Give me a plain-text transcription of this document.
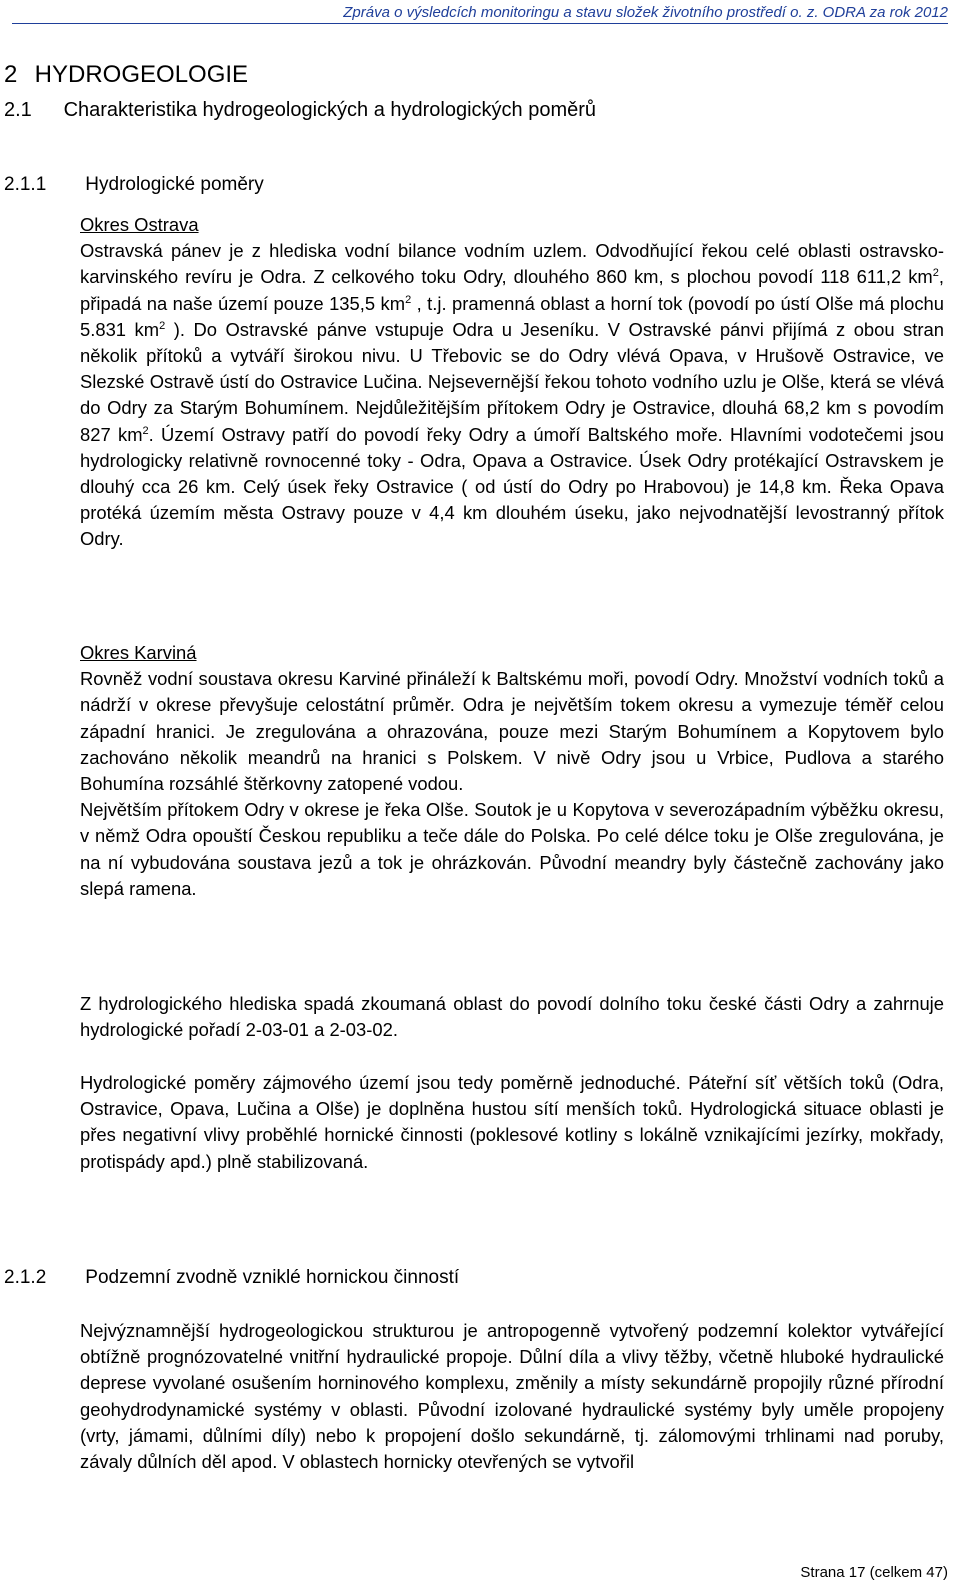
Zpráva o výsledcích monitoringu a stavu složek životního prostředí o. z. ODRA za rok 2012
2 HYDROGEOLOGIE
2.1 Charakteristika hydrogeologických a hydrologických poměrů
2.1.1 Hydrologické poměry

Okres Ostrava

Ostravská pánev je z hlediska vodní bilance vodním uzlem. Odvodňující řekou celé oblasti ostravsko- karvinského revíru je Odra. Z celkového toku Odry, dlouhého 860 km, s plochou povodí 118 611,2 $km^2$, připadá na naše území pouze 135,5 $km^2$ , t.j. pramenná oblast a horní tok (povodí po ústí Olše má plochu 5.831 $km^2$ ). Do Ostravské pánve vstupuje Odra u Jeseníku. V Ostravské pánvi přijímá z obou stran několik přítoků a vytváří širokou nivu. U Třebovic se do Odry vlévá Opava, v Hrušově Ostravice, ve Slezské Ostravě ústí do Ostravice Lučina. Nejsevernější řekou tohoto vodního uzlu je Olše, která se vlévá do Odry za Starým Bohumínem. Nejdůležitějším přítokem Odry je Ostravice, dlouhá 68,2 km s povodím 827 $km^2$. Území Ostravy patří do povodí řeky Odry a úmoří Baltského moře. Hlavními vodotečemi jsou hydrologicky relativně rovnocenné toky - Odra, Opava a Ostravice. Úsek Odry protékající Ostravskem je dlouhý cca 26 km. Celý úsek řeky Ostravice ( od ústí do Odry po Hrabovou) je 14,8 km. Řeka Opava protéká územím města Ostravy pouze v 4,4 km dlouhém úseku, jako nejvodnatější levostranný přítok Odry.

Okres Karviná

Rovněž vodní soustava okresu Karviné přináleží k Baltskému moři, povodí Odry. Množství vodních toků a nádrží v okrese převyšuje celostátní průměr. Odra je největším tokem okresu a vymezuje téměř celou západní hranici. Je zregulována a ohrazována, pouze mezi Starým Bohumínem a Kopytovem bylo zachováno několik meandrů na hranici s Polskem. V nivě Odry jsou u Vrbice, Pudlova a starého Bohumína rozsáhlé štěrkovny zatopené vodou.

Největším přítokem Odry v okrese je řeka Olše. Soutok je u Kopytova v severozápadním výběžku okresu, v němž Odra opouští Českou republiku a teče dále do Polska. Po celé délce toku je Olše zregulována, je na ní vybudována soustava jezů a tok je ohrázkován. Původní meandry byly částečně zachovány jako slepá ramena.

Z hydrologického hlediska spadá zkoumaná oblast do povodí dolního toku české části Odry a zahrnuje hydrologické pořadí 2-03-01 a 2-03-02.

Hydrologické poměry zájmového území jsou tedy poměrně jednoduché. Páteřní síť větších toků (Odra, Ostravice, Opava, Lučina a Olše) je doplněna hustou sítí menších toků. Hydrologická situace oblasti je přes negativní vlivy proběhlé hornické činnosti (poklesové kotliny s lokálně vznikajícími jezírky, mokřady, protispády apd.) plně stabilizovaná.

2.1.2 Podzemní zvodně vzniklé hornickou činností

Nejvýznamnější hydrogeologickou strukturou je antropogenně vytvořený podzemní kolektor vytvářející obtížně prognózovatelné vnitřní hydraulické propoje. Důlní díla a vlivy těžby, včetně hluboké hydraulické deprese vyvolané osušením horninového komplexu, změnily a místy sekundárně propojily různé přírodní geohydrodynamické systémy v oblasti. Původní izolované hydraulické systémy byly uměle propojeny (vrty, jámami, důlními díly) nebo k propojení došlo sekundárně, tj. zálomovými trhlinami nad poruby, závaly důlních děl apod. V oblastech hornicky otevřených se vytvořil

Strana 17 (celkem 47)
